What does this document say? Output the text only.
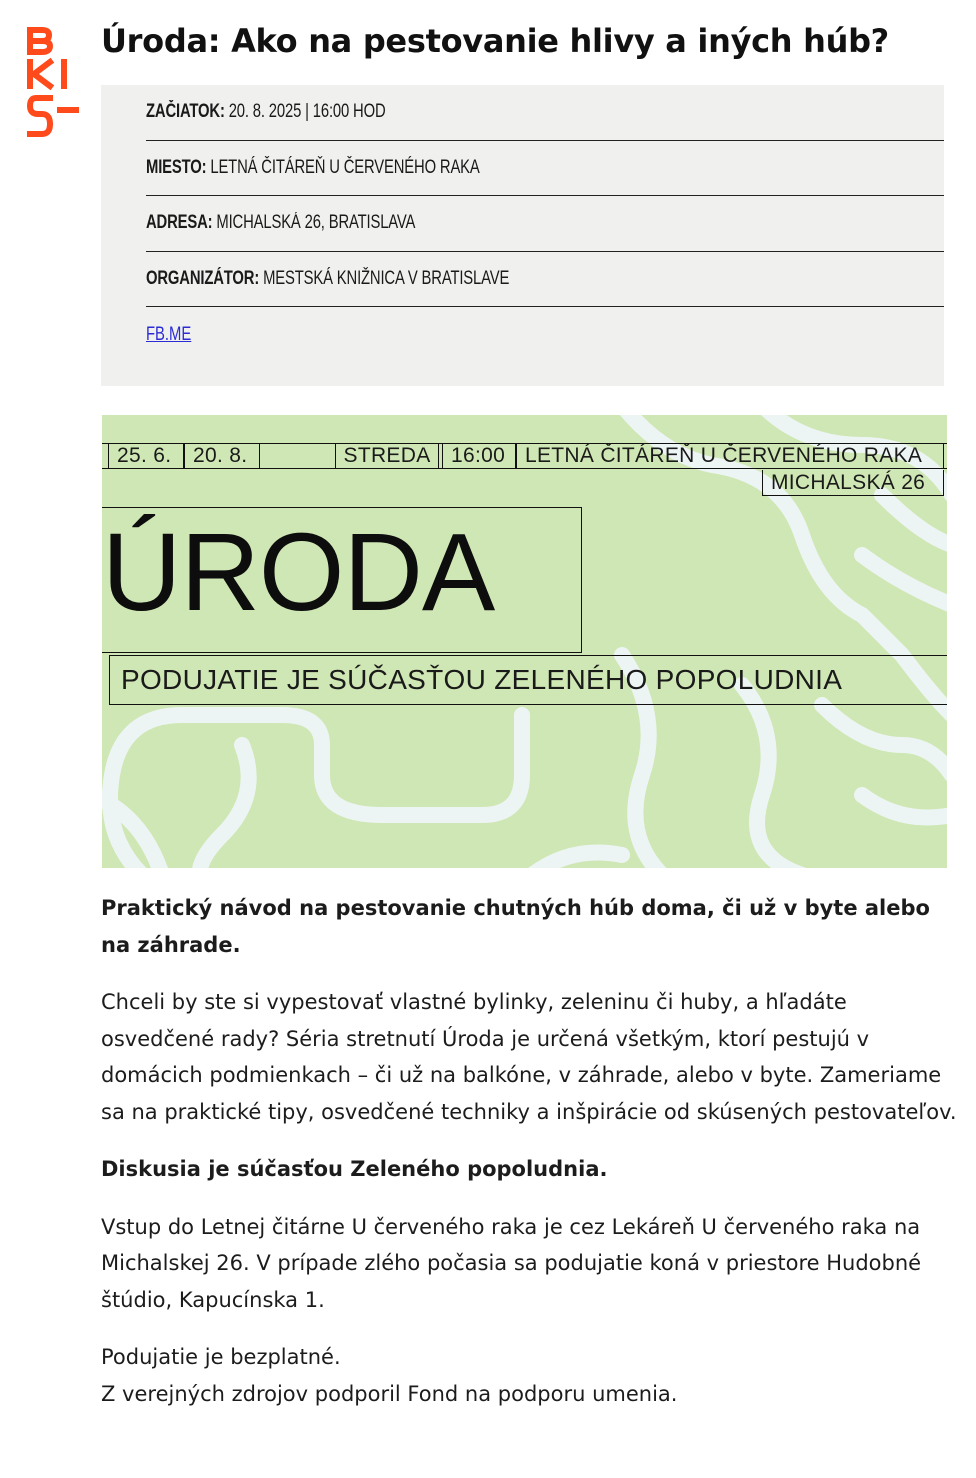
Úroda: Ako na pestovanie hlivy a iných húb?
ZAČIATOK: 20. 8. 2025 | 16:00 HOD
MIESTO: LETNÁ ČITÁREŇ U ČERVENÉHO RAKA
ADRESA: MICHALSKÁ 26, BRATISLAVA
ORGANIZÁTOR: MESTSKÁ KNIŽNICA V BRATISLAVE
FB.ME
25. 6.	20. 8.	STREDA 16:00 LETNÁ ČITÁREŇ U ČERVENÉHO RAKA
MICHALSKÁ 26
ÚRODA
PODUJATIE JE SÚČASŤOU ZELENÉHO POPOLUDNIA

Praktický návod na pestovanie chutných húb doma, či už v byte alebo na záhrade.

Chceli by ste si vypestovať vlastné bylinky, zeleninu či huby, a hľadáte osvedčené rady? Séria stretnutí Úroda je určená všetkým, ktorí pestujú v domácich podmienkach – či už na balkóne, v záhrade, alebo v byte. Zameriame sa na praktické tipy, osvedčené techniky a inšpirácie od skúsených pestovateľov.

Diskusia je súčasťou Zeleného popoludnia.

Vstup do Letnej čitárne U červeného raka je cez Lekáreň U červeného raka na Michalskej 26. V prípade zlého počasia sa podujatie koná v priestore Hudobné štúdio, Kapucínska 1.

Podujatie je bezplatné.

Z verejných zdrojov podporil Fond na podporu umenia.
